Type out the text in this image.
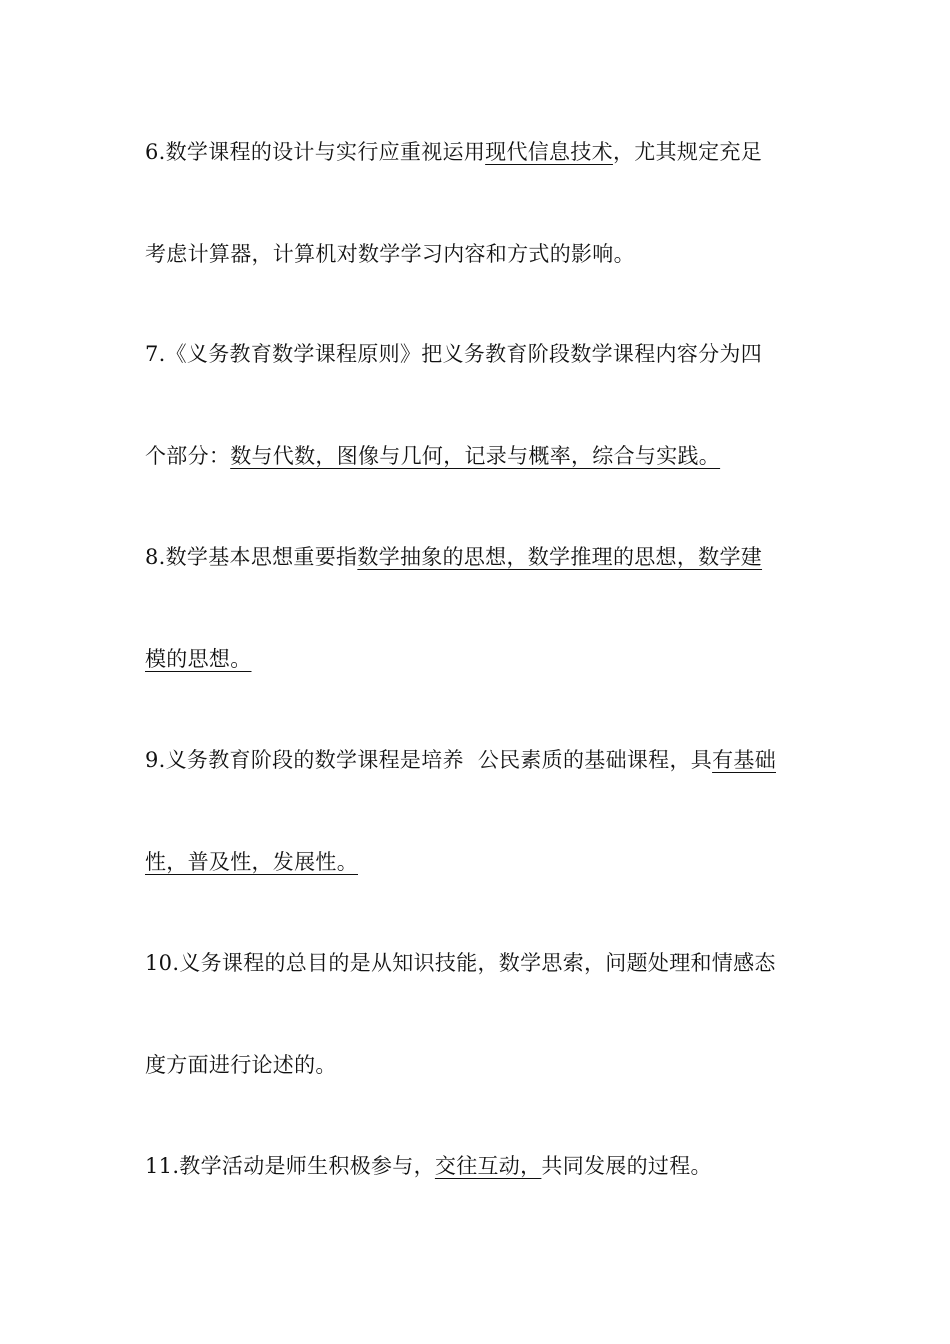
6.数学课程的设计与实行应重视运用现代信息技术，尤其规定充足
考虑计算器，计算机对数学学习内容和方式的影响。
7.《义务教育数学课程原则》把义务教育阶段数学课程内容分为四
个部分：数与代数，图像与几何，记录与概率，综合与实践。
8.数学基本思想重要指数学抽象的思想，数学推理的思想，数学建
模的思想。
9.义务教育阶段的数学课程是培养  公民素质的基础课程，具有基础
性，普及性，发展性。
10.义务课程的总目的是从知识技能，数学思索，问题处理和情感态
度方面进行论述的。
11.教学活动是师生积极参与，交往互动，共同发展的过程。
